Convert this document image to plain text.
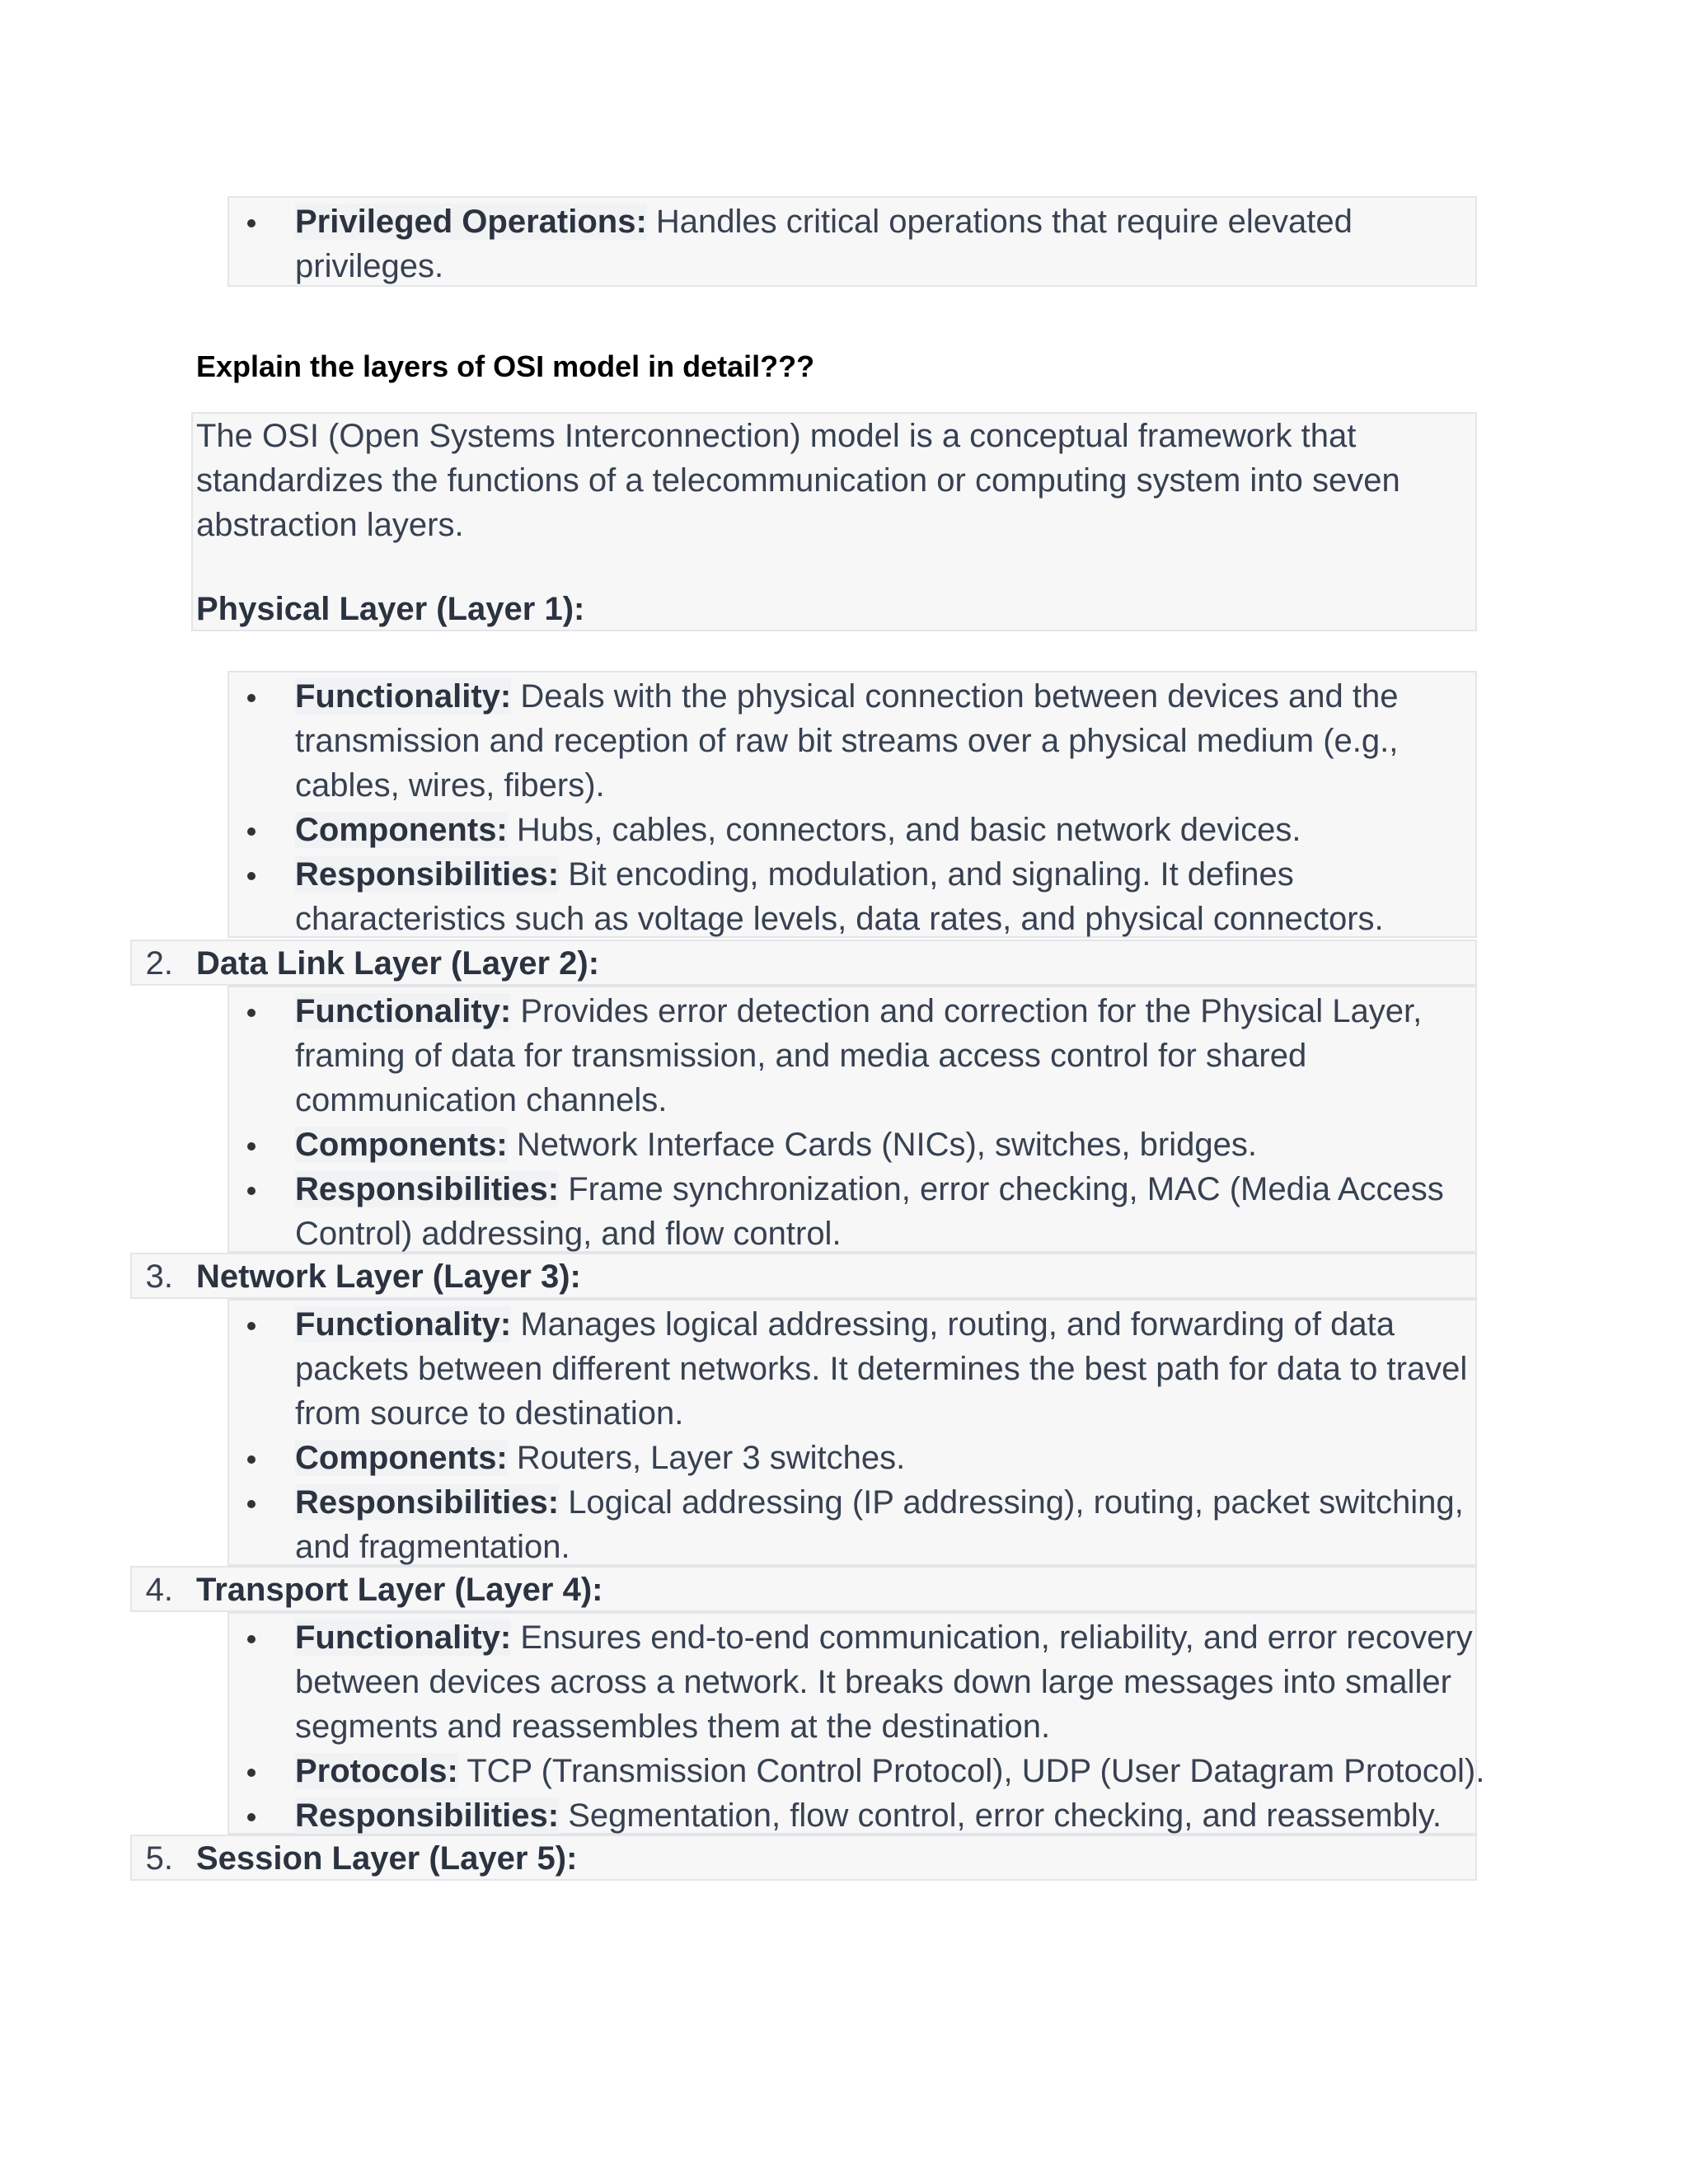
Privileged Operations: Handles critical operations that require elevated
privileges.
Explain the layers of OSI model in detail???
The OSI (Open Systems Interconnection) model is a conceptual framework that
standardizes the functions of a telecommunication or computing system into seven
abstraction layers.
Physical Layer (Layer 1):
Functionality: Deals with the physical connection between devices and the
transmission and reception of raw bit streams over a physical medium (e.g.,
cables, wires, fibers).
Components: Hubs, cables, connectors, and basic network devices.
Responsibilities: Bit encoding, modulation, and signaling. It defines
characteristics such as voltage levels, data rates, and physical connectors.
2. Data Link Layer (Layer 2):
Functionality: Provides error detection and correction for the Physical Layer,
framing of data for transmission, and media access control for shared
communication channels.
Components: Network Interface Cards (NICs), switches, bridges.
Responsibilities: Frame synchronization, error checking, MAC (Media Access
Control) addressing, and flow control.
3. Network Layer (Layer 3):
Functionality: Manages logical addressing, routing, and forwarding of data
packets between different networks. It determines the best path for data to travel
from source to destination.
Components: Routers, Layer 3 switches.
Responsibilities: Logical addressing (IP addressing), routing, packet switching,
and fragmentation.
4. Transport Layer (Layer 4):
Functionality: Ensures end-to-end communication, reliability, and error recovery
between devices across a network. It breaks down large messages into smaller
segments and reassembles them at the destination.
Protocols: TCP (Transmission Control Protocol), UDP (User Datagram Protocol).
Responsibilities: Segmentation, flow control, error checking, and reassembly.
5. Session Layer (Layer 5):
